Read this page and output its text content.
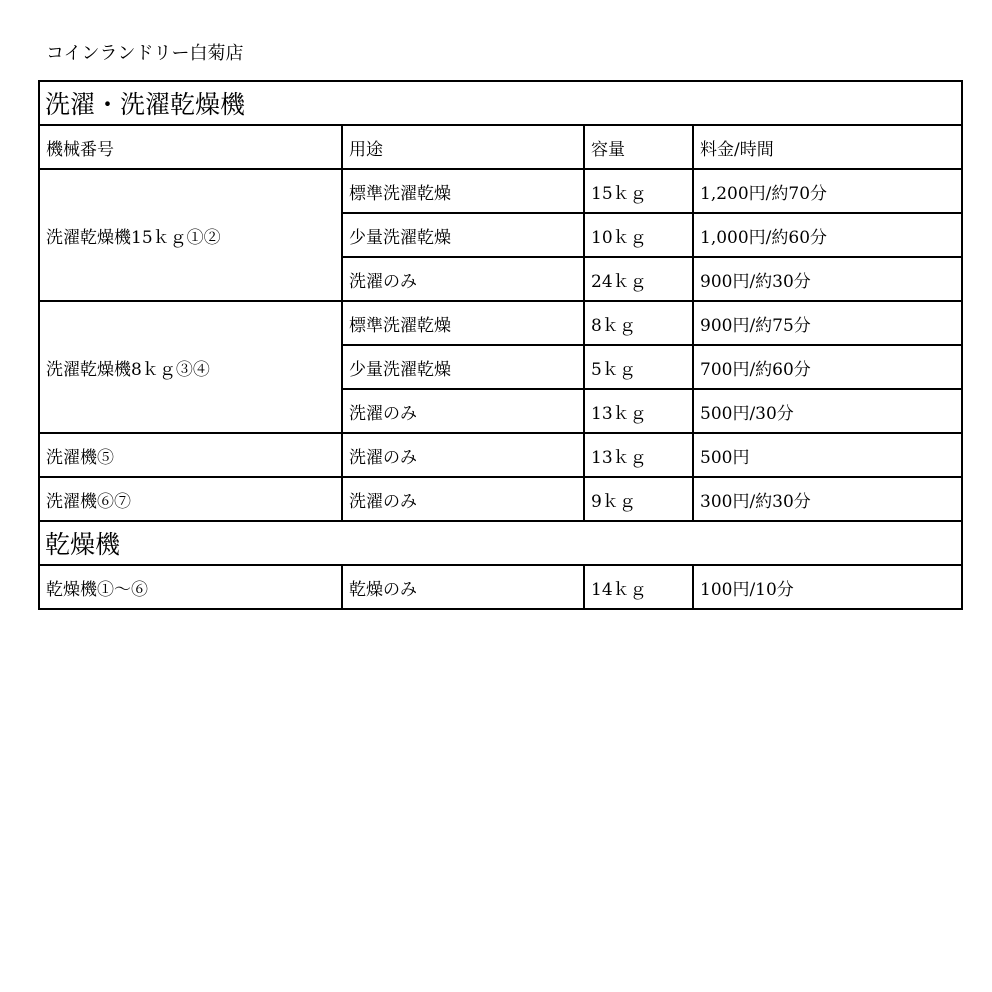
コインランドリー白菊店
洗濯・洗濯乾燥機			
機械番号	用途	容量	料金/時間
洗濯乾燥機15ｋｇ①②	標準洗濯乾燥	15ｋｇ	1,200円/約70分
	少量洗濯乾燥	10ｋｇ	1,000円/約60分
	洗濯のみ	24ｋｇ	900円/約30分
洗濯乾燥機8ｋｇ③④	標準洗濯乾燥	8ｋｇ	900円/約75分
	少量洗濯乾燥	5ｋｇ	700円/約60分
	洗濯のみ	13ｋｇ	500円/30分
洗濯機⑤	洗濯のみ	13ｋｇ	500円
洗濯機⑥⑦	洗濯のみ	9ｋｇ	300円/約30分
乾燥機			
乾燥機①～⑥	乾燥のみ	14ｋｇ	100円/10分
